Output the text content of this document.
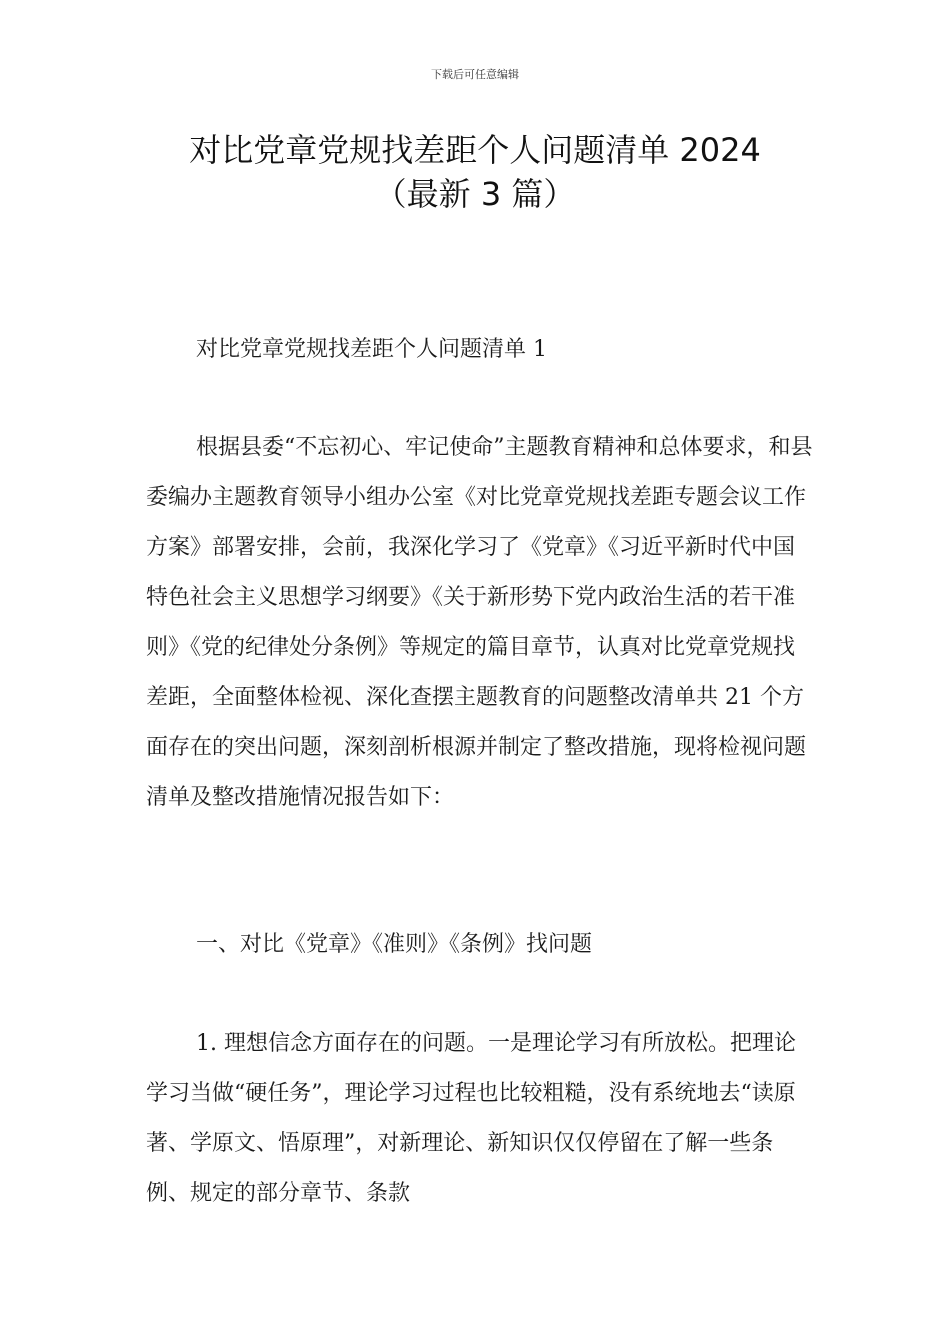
下载后可任意编辑
对比党章党规找差距个人问题清单 2024
（最新 3 篇）

对比党章党规找差距个人问题清单 1

根据县委“不忘初心、牢记使命”主题教育精神和总体要求，和县委编办主题教育领导小组办公室《对比党章党规找差距专题会议工作方案》部署安排，会前，我深化学习了《党章》《习近平新时代中国特色社会主义思想学习纲要》《关于新形势下党内政治生活的若干准则》《党的纪律处分条例》等规定的篇目章节，认真对比党章党规找差距，全面整体检视、深化查摆主题教育的问题整改清单共 21 个方面存在的突出问题，深刻剖析根源并制定了整改措施，现将检视问题清单及整改措施情况报告如下：

一、对比《党章》《准则》《条例》找问题

1. 理想信念方面存在的问题。一是理论学习有所放松。把理论学习当做“硬任务”，理论学习过程也比较粗糙，没有系统地去“读原著、学原文、悟原理”，对新理论、新知识仅仅停留在了解一些条例、规定的部分章节、条款
